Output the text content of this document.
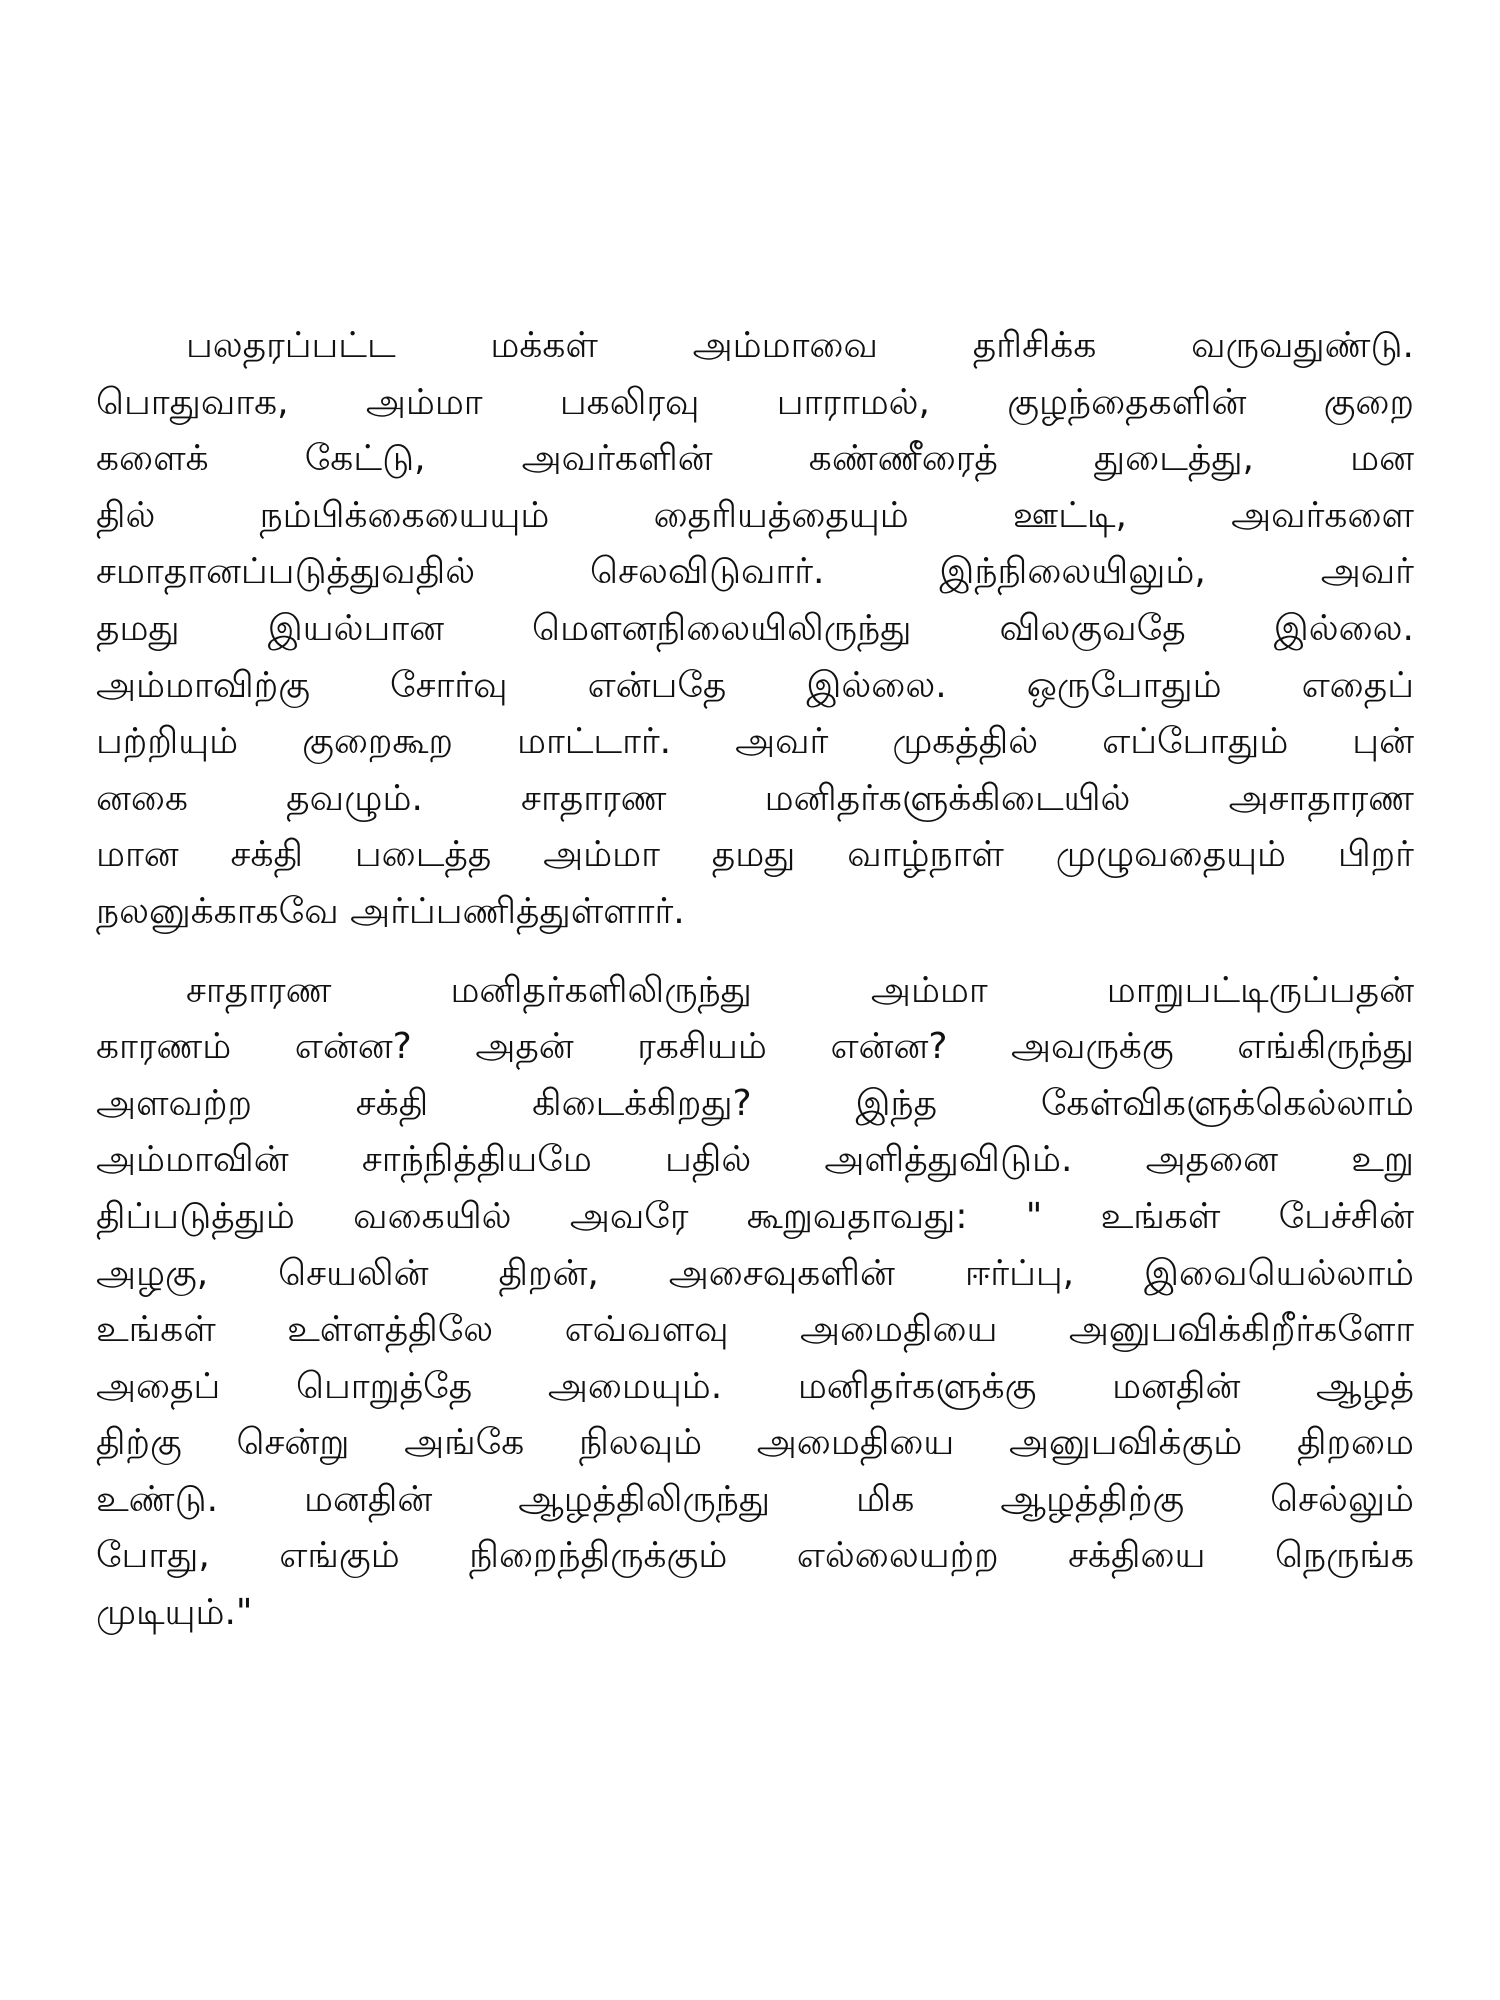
பலதரப்பட்ட மக்கள் அம்மாவை தரிசிக்க வருவதுண்டு.
பொதுவாக, அம்மா பகலிரவு பாராமல், குழந்தைகளின் குறை
களைக் கேட்டு, அவர்களின் கண்ணீரைத் துடைத்து, மன
தில் நம்பிக்கையையும் தைரியத்தையும் ஊட்டி, அவர்களை
சமாதானப்படுத்துவதில் செலவிடுவார். இந்நிலையிலும், அவர்
தமது இயல்பான மௌனநிலையிலிருந்து விலகுவதே இல்லை.
அம்மாவிற்கு சோர்வு என்பதே இல்லை. ஒருபோதும் எதைப்
பற்றியும் குறைகூற மாட்டார். அவர் முகத்தில் எப்போதும் புன்
னகை தவழும். சாதாரண மனிதர்களுக்கிடையில் அசாதாரண
மான சக்தி படைத்த அம்மா தமது வாழ்நாள் முழுவதையும் பிறர்
நலனுக்காகவே அர்ப்பணித்துள்ளார்.
சாதாரண மனிதர்களிலிருந்து அம்மா மாறுபட்டிருப்பதன்
காரணம் என்ன? அதன் ரகசியம் என்ன? அவருக்கு எங்கிருந்து
அளவற்ற சக்தி கிடைக்கிறது? இந்த கேள்விகளுக்கெல்லாம்
அம்மாவின் சாந்நித்தியமே பதில் அளித்துவிடும். அதனை உறு
திப்படுத்தும் வகையில் அவரே கூறுவதாவது: " உங்கள் பேச்சின்
அழகு, செயலின் திறன், அசைவுகளின் ஈர்ப்பு, இவையெல்லாம்
உங்கள் உள்ளத்திலே எவ்வளவு அமைதியை அனுபவிக்கிறீர்களோ
அதைப் பொறுத்தே அமையும். மனிதர்களுக்கு மனதின் ஆழத்
திற்கு சென்று அங்கே நிலவும் அமைதியை அனுபவிக்கும் திறமை
உண்டு. மனதின் ஆழத்திலிருந்து மிக ஆழத்திற்கு செல்லும்
போது, எங்கும் நிறைந்திருக்கும் எல்லையற்ற சக்தியை நெருங்க
முடியும்."
